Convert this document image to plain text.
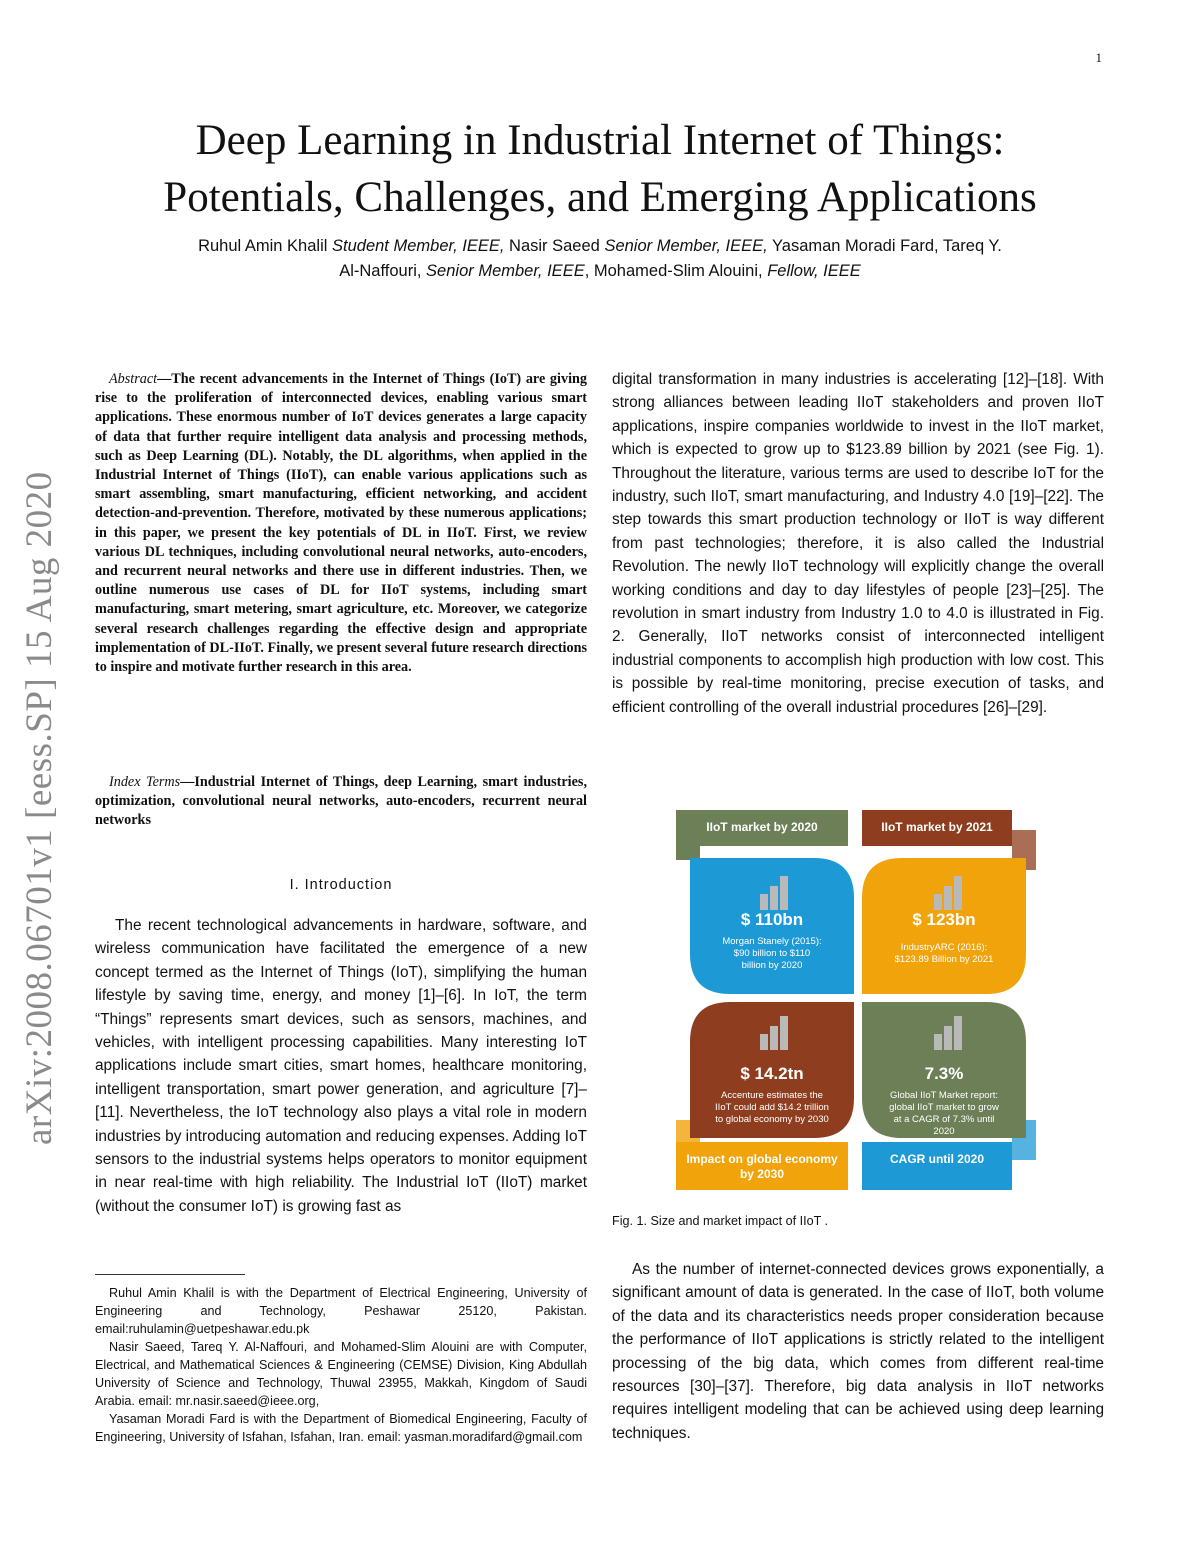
1
arXiv:2008.06701v1 [eess.SP] 15 Aug 2020
Deep Learning in Industrial Internet of Things:
Potentials, Challenges, and Emerging Applications
Ruhul Amin Khalil Student Member, IEEE, Nasir Saeed Senior Member, IEEE, Yasaman Moradi Fard, Tareq Y.
Al-Naffouri, Senior Member, IEEE, Mohamed-Slim Alouini, Fellow, IEEE
Abstract—The recent advancements in the Internet of Things (IoT) are giving rise to the proliferation of interconnected devices, enabling various smart applications. These enormous number of IoT devices generates a large capacity of data that further require intelligent data analysis and processing methods, such as Deep Learning (DL). Notably, the DL algorithms, when applied in the Industrial Internet of Things (IIoT), can enable various applications such as smart assembling, smart manufacturing, efficient networking, and accident detection-and-prevention. Therefore, motivated by these numerous applications; in this paper, we present the key potentials of DL in IIoT. First, we review various DL techniques, including convolutional neural networks, auto-encoders, and recurrent neural networks and there use in different industries. Then, we outline numerous use cases of DL for IIoT systems, including smart manufacturing, smart metering, smart agriculture, etc. Moreover, we categorize several research challenges regarding the effective design and appropriate implementation of DL-IIoT. Finally, we present several future research directions to inspire and motivate further research in this area.
Index Terms—Industrial Internet of Things, deep Learning, smart industries, optimization, convolutional neural networks, auto-encoders, recurrent neural networks
I. Introduction
The recent technological advancements in hardware, software, and wireless communication have facilitated the emergence of a new concept termed as the Internet of Things (IoT), simplifying the human lifestyle by saving time, energy, and money [1]–[6]. In IoT, the term “Things” represents smart devices, such as sensors, machines, and vehicles, with intelligent processing capabilities. Many interesting IoT applications include smart cities, smart homes, healthcare monitoring, intelligent transportation, smart power generation, and agriculture [7]–[11]. Nevertheless, the IoT technology also plays a vital role in modern industries by introducing automation and reducing expenses. Adding IoT sensors to the industrial systems helps operators to monitor equipment in near real-time with high reliability. The Industrial IoT (IIoT) market (without the consumer IoT) is growing fast as

Ruhul Amin Khalil is with the Department of Electrical Engineering, University of Engineering and Technology, Peshawar 25120, Pakistan. email:ruhulamin@uetpeshawar.edu.pk

Nasir Saeed, Tareq Y. Al-Naffouri, and Mohamed-Slim Alouini are with Computer, Electrical, and Mathematical Sciences & Engineering (CEMSE) Division, King Abdullah University of Science and Technology, Thuwal 23955, Makkah, Kingdom of Saudi Arabia. email: mr.nasir.saeed@ieee.org,

Yasaman Moradi Fard is with the Department of Biomedical Engineering, Faculty of Engineering, University of Isfahan, Isfahan, Iran. email: yasman.moradifard@gmail.com

digital transformation in many industries is accelerating [12]–[18]. With strong alliances between leading IIoT stakeholders and proven IIoT applications, inspire companies worldwide to invest in the IIoT market, which is expected to grow up to $123.89 billion by 2021 (see Fig. 1). Throughout the literature, various terms are used to describe IoT for the industry, such IIoT, smart manufacturing, and Industry 4.0 [19]–[22]. The step towards this smart production technology or IIoT is way different from past technologies; therefore, it is also called the Industrial Revolution. The newly IIoT technology will explicitly change the overall working conditions and day to day lifestyles of people [23]–[25]. The revolution in smart industry from Industry 1.0 to 4.0 is illustrated in Fig. 2. Generally, IIoT networks consist of interconnected intelligent industrial components to accomplish high production with low cost. This is possible by real-time monitoring, precise execution of tasks, and efficient controlling of the overall industrial procedures [26]–[29].
IIoT market by 2020	IIoT market by 2021
$ 110bn
Morgan Stanely (2015):
$90 billion to $110
billion by 2020
$ 123bn
IndustryARC (2016):
$123.89 Billion by 2021
$ 14.2tn
Accenture estimates the
IIoT could add $14.2 trillion
to global economy by 2030
7.3%
Global IIoT Market report:
global IIoT market to grow
at a CAGR of 7.3% until
2020
Impact on global economy
by 2030
CAGR until 2020
Fig. 1. Size and market impact of IIoT .
As the number of internet-connected devices grows exponentially, a significant amount of data is generated. In the case of IIoT, both volume of the data and its characteristics needs proper consideration because the performance of IIoT applications is strictly related to the intelligent processing of the big data, which comes from different real-time resources [30]–[37]. Therefore, big data analysis in IIoT networks requires intelligent modeling that can be achieved using deep learning techniques.
